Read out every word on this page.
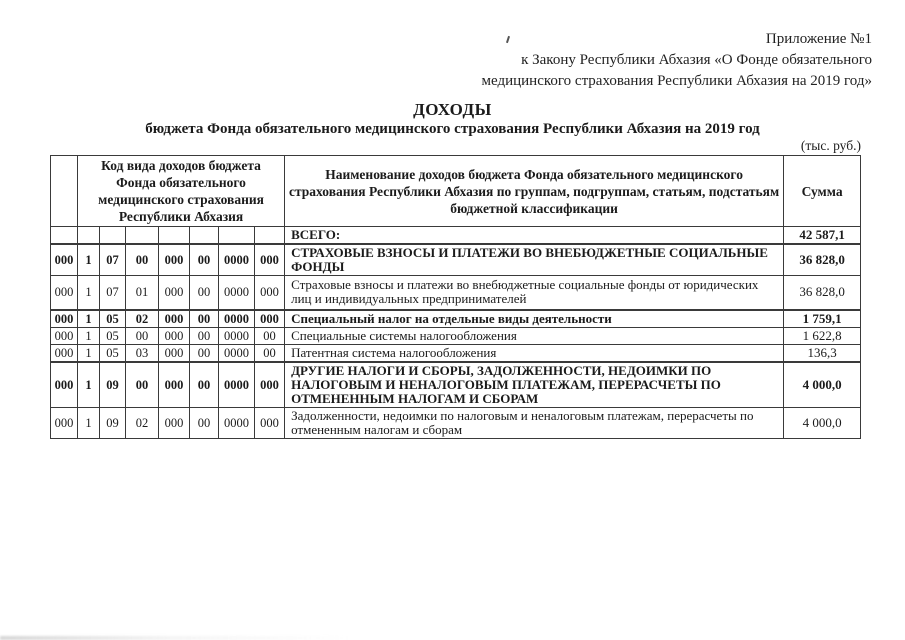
Приложение №1
к Закону Республики Абхазия «О Фонде обязательного
медицинского страхования Республики Абхазия на 2019 год»
ДОХОДЫ
бюджета Фонда обязательного медицинского страхования Республики Абхазия на 2019 год
(тыс. руб.)
	Код вида доходов бюджета Фонда обязательного медицинского страхования Республики Абхазия							Наименование доходов бюджета Фонда обязательного медицинского страхования Республики Абхазия по группам, подгруппам, статьям, подстатьям бюджетной классификации	Сумма
								ВСЕГО:	42 587,1
000	1	07	00	000	00	0000	000	СТРАХОВЫЕ ВЗНОСЫ И ПЛАТЕЖИ ВО ВНЕБЮДЖЕТНЫЕ СОЦИАЛЬНЫЕ ФОНДЫ	36 828,0
000	1	07	01	000	00	0000	000	Страховые взносы и платежи во внебюджетные социальные фонды от юридических лиц и индивидуальных предпринимателей	36 828,0
000	1	05	02	000	00	0000	000	Специальный налог на отдельные виды деятельности	1 759,1
000	1	05	00	000	00	0000	00	Специальные системы налогообложения	1 622,8
000	1	05	03	000	00	0000	00	Патентная система налогообложения	136,3
000	1	09	00	000	00	0000	000	ДРУГИЕ НАЛОГИ И СБОРЫ, ЗАДОЛЖЕННОСТИ, НЕДОИМКИ ПО НАЛОГОВЫМ И НЕНАЛОГОВЫМ ПЛАТЕЖАМ, ПЕРЕРАСЧЕТЫ ПО ОТМЕНЕННЫМ НАЛОГАМ И СБОРАМ	4 000,0
000	1	09	02	000	00	0000	000	Задолженности, недоимки по налоговым и неналоговым платежам, перерасчеты по отмененным налогам и сборам	4 000,0
